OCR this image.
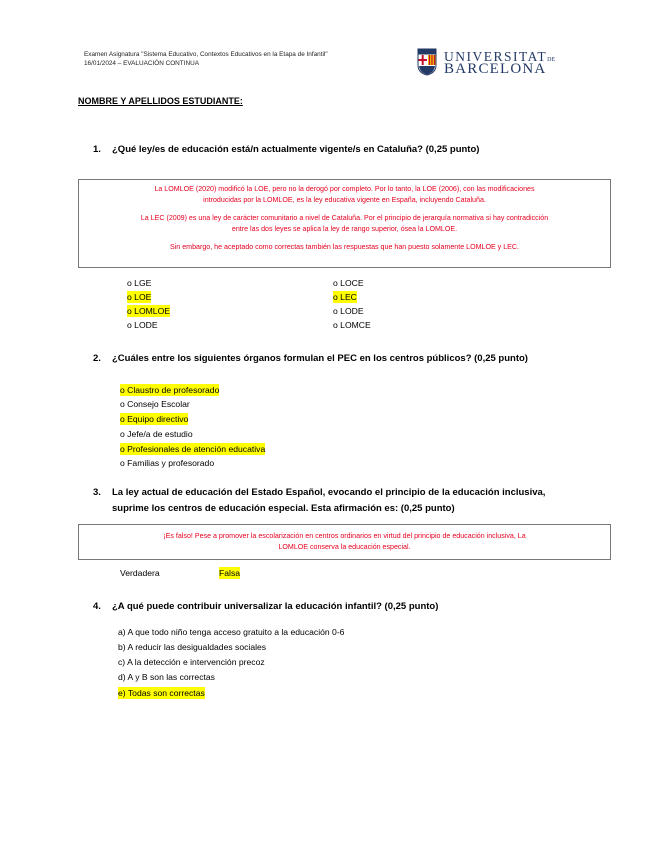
Examen Asignatura "Sistema Educativo, Contextos Educativos en la Etapa de Infantil"
16/01/2024 – EVALUACIÓN CONTINUA	UNIVERSITATDE
BARCELONA
NOMBRE Y APELLIDOS ESTUDIANTE:
1. ¿Qué ley/es de educación está/n actualmente vigente/s en Cataluña? (0,25 punto)

La LOMLOE (2020) modificó la LOE, pero no la derogó por completo. Por lo tanto, la LOE (2006), con las modificaciones

introducidas por la LOMLOE, es la ley educativa vigente en España, incluyendo Cataluña.

La LEC (2009) es una ley de carácter comunitario a nivel de Cataluña. Por el principio de jerarquía normativa si hay contradicción

entre las dos leyes se aplica la ley de rango superior, ósea la LOMLOE.

Sin embargo, he aceptado como correctas también las respuestas que han puesto solamente LOMLOE y LEC.

o LGE
o LOE
o LOMLOE
o LODE
o LOCE
o LEC
o LODE
o LOMCE
2. ¿Cuáles entre los siguientes órganos formulan el PEC en los centros públicos? (0,25 punto)
o Claustro de profesorado
o Consejo Escolar
o Equipo directivo
o Jefe/a de estudio
o Profesionales de atención educativa
o Familias y profesorado
3. La ley actual de educación del Estado Español, evocando el principio de la educación inclusiva,
suprime los centros de educación especial. Esta afirmación es: (0,25 punto)

¡Es falso! Pese a promover la escolarización en centros ordinarios en virtud del principio de educación inclusiva, La

LOMLOE conserva la educación especial.

Verdadera	Falsa
4. ¿A qué puede contribuir universalizar la educación infantil? (0,25 punto)
a) A que todo niño tenga acceso gratuito a la educación 0-6
b) A reducir las desigualdades sociales
c) A la detección e intervención precoz
d) A y B son las correctas
e) Todas son correctas
